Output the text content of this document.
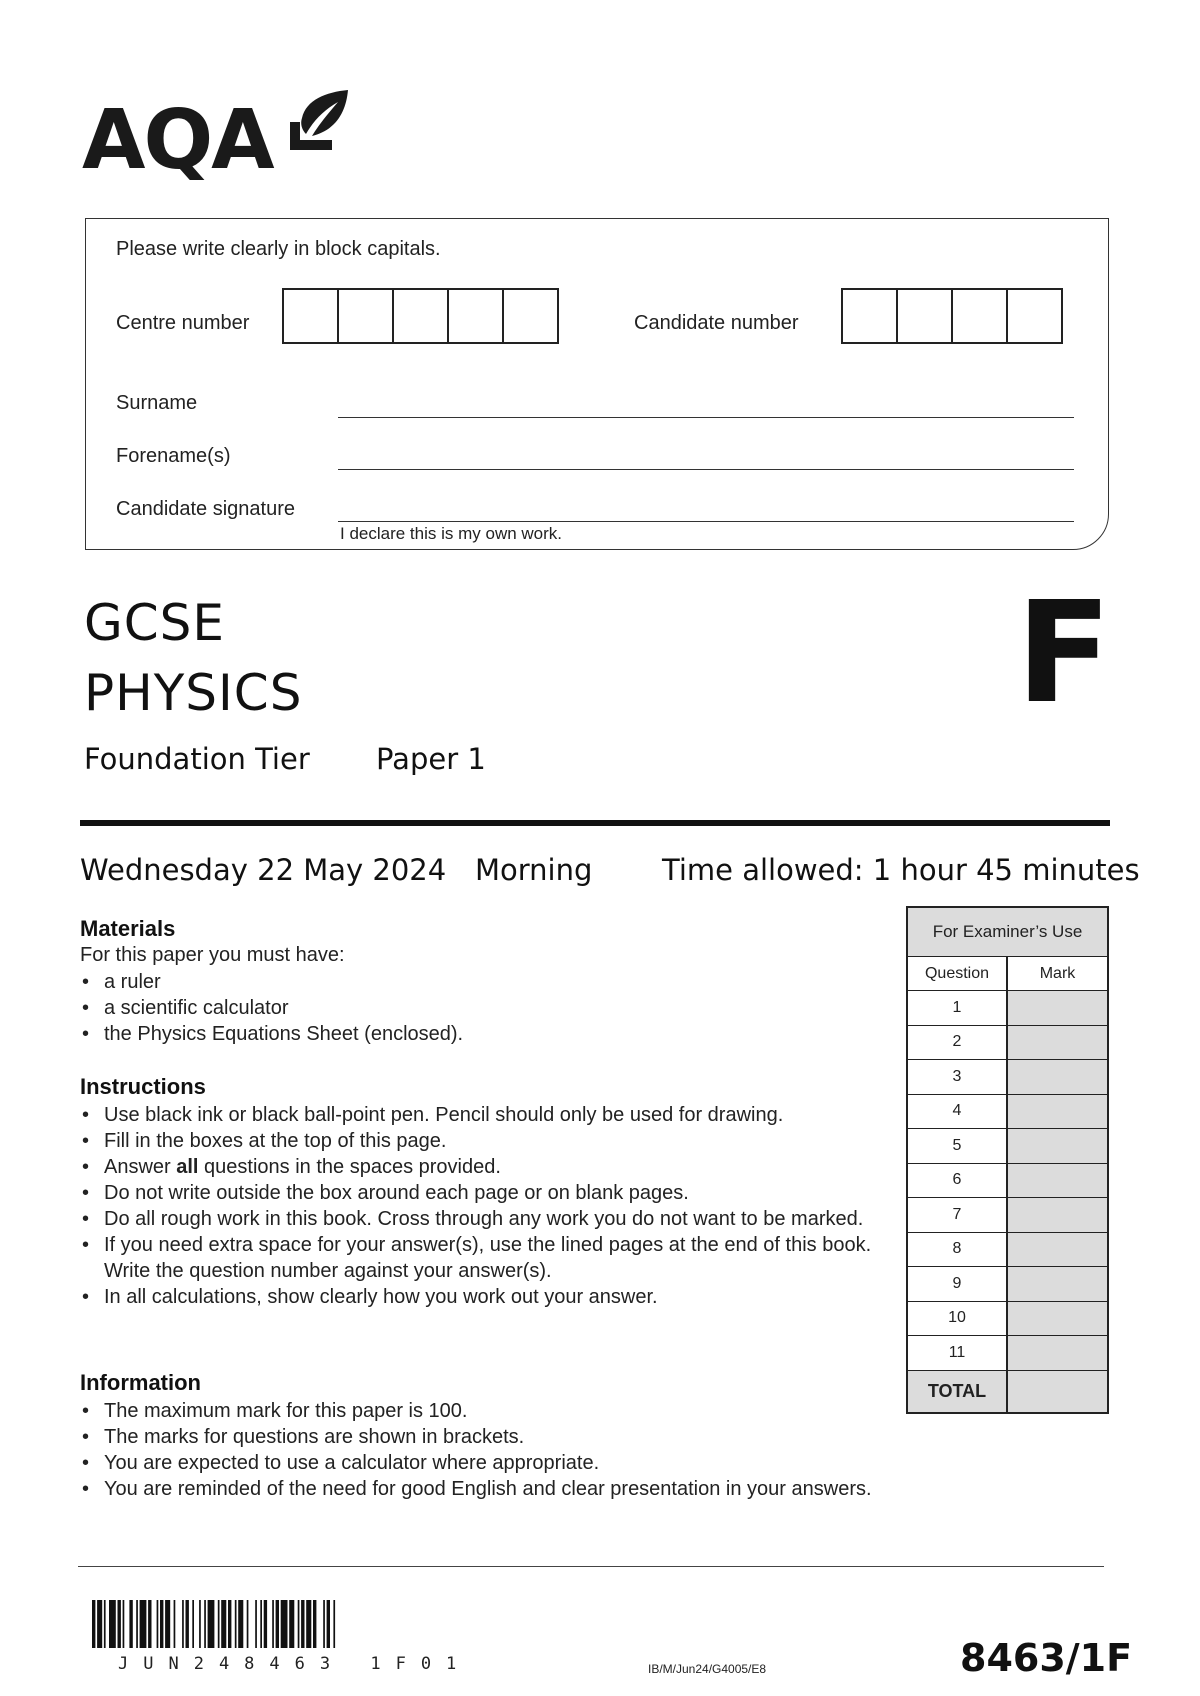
AQA
Please write clearly in block capitals.
Centre number	Candidate number
Surname
Forename(s)
Candidate signature
I declare this is my own work.
GCSE
PHYSICS	F
Foundation Tier Paper 1
Wednesday 22 May 2024 Morning Time allowed: 1 hour 45 minutes
Materials
For this paper you must have:
• a ruler
• a scientific calculator
• the Physics Equations Sheet (enclosed).
Instructions
• Use black ink or black ball-point pen. Pencil should only be used for drawing.
• Fill in the boxes at the top of this page.
• Answer all questions in the spaces provided.
• Do not write outside the box around each page or on blank pages.
• Do all rough work in this book. Cross through any work you do not want to be marked.
• If you need extra space for your answer(s), use the lined pages at the end of this book. Write the question number against your answer(s).
• In all calculations, show clearly how you work out your answer.
Information
• The maximum mark for this paper is 100.
• The marks for questions are shown in brackets.
• You are expected to use a calculator where appropriate.
• You are reminded of the need for good English and clear presentation in your answers.
For Examiner’s Use
Question	Mark
1
2
3
4
5
6
7
8
9
10
11
TOTAL
JUN248463 1F01	IB/M/Jun24/G4005/E8	8463/1F
